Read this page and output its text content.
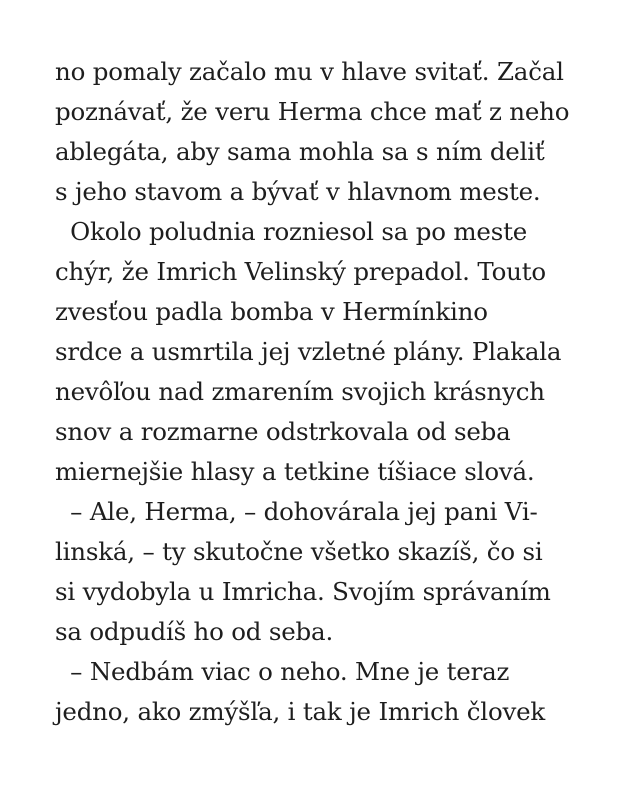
no pomaly začalo mu v hlave svitať. Začal
poznávať, že veru Herma chce mať z neho
ablegáta, aby sama mohla sa s ním deliť
s jeho stavom a bývať v hlavnom meste.
Okolo poludnia rozniesol sa po meste
chýr, že Imrich Velinský prepadol. Touto
zvesťou padla bomba v Hermínkino
srdce a usmrtila jej vzletné plány. Plakala
nevôľou nad zmarením svojich krásnych
snov a rozmarne odstrkovala od seba
miernejšie hlasy a tetkine tíšiace slová.
– Ale, Herma, – dohovárala jej pani Vi-
linská, – ty skutočne všetko skazíš, čo si
si vydobyla u Imricha. Svojím správaním
sa odpudíš ho od seba.
– Nedbám viac o neho. Mne je teraz
jedno, ako zmýšľa, i tak je Imrich človek
